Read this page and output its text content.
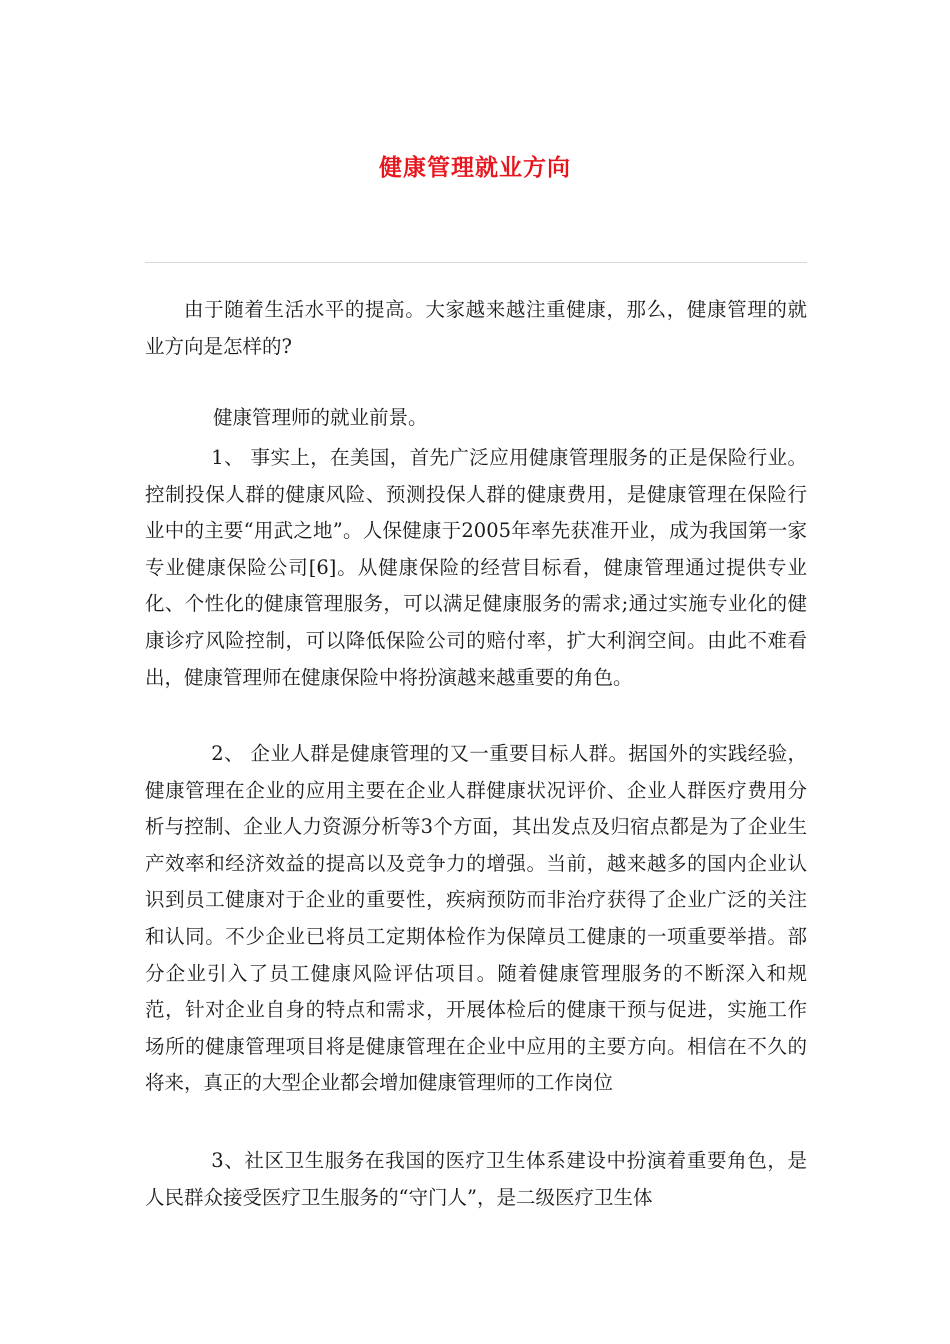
健康管理就业方向

由于随着生活水平的提高。大家越来越注重健康，那么，健康管理的就业方向是怎样的?

健康管理师的就业前景。

1、 事实上，在美国，首先广泛应用健康管理服务的正是保险行业。控制投保人群的健康风险、预测投保人群的健康费用，是健康管理在保险行业中的主要“用武之地”。人保健康于2005年率先获准开业，成为我国第一家专业健康保险公司[6]。从健康保险的经营目标看，健康管理通过提供专业化、个性化的健康管理服务，可以满足健康服务的需求;通过实施专业化的健康诊疗风险控制，可以降低保险公司的赔付率，扩大利润空间。由此不难看出，健康管理师在健康保险中将扮演越来越重要的角色。

2、 企业人群是健康管理的又一重要目标人群。据国外的实践经验，健康管理在企业的应用主要在企业人群健康状况评价、企业人群医疗费用分析与控制、企业人力资源分析等3个方面，其出发点及归宿点都是为了企业生产效率和经济效益的提高以及竞争力的增强。当前，越来越多的国内企业认识到员工健康对于企业的重要性，疾病预防而非治疗获得了企业广泛的关注和认同。不少企业已将员工定期体检作为保障员工健康的一项重要举措。部分企业引入了员工健康风险评估项目。随着健康管理服务的不断深入和规范，针对企业自身的特点和需求，开展体检后的健康干预与促进，实施工作场所的健康管理项目将是健康管理在企业中应用的主要方向。相信在不久的将来，真正的大型企业都会增加健康管理师的工作岗位

3、社区卫生服务在我国的医疗卫生体系建设中扮演着重要角色，是人民群众接受医疗卫生服务的“守门人”，是二级医疗卫生体
